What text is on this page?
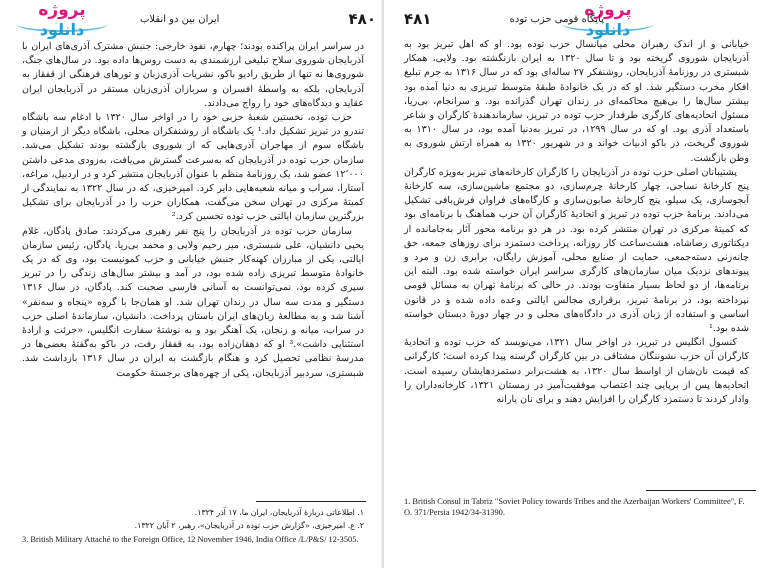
پروژه
دانلود
ایران بین دو انقلاب	۴۸۰

در سراسر ایران پراکنده بودند؛ چهارم، نفوذ خارجی: جنبش مشترک آذری‌های ایران با آذربایجان شوروی سلاح تبلیغی ارزشمندی به دست روس‌ها داده بود. در سال‌های جنگ، شوروی‌ها نه تنها از طریق رادیو باکو، نشریات آذری‌زبان و تورهای فرهنگی از قفقاز به آذربایجان، بلکه به واسطهٔ افسران و سربازان آذری‌زبان مستقر در آذربایجان ایران عقاید و دیدگاه‌های خود را رواج می‌دادند.

حزب توده، نخستین شعبهٔ حزبی خود را در اواخر سال ۱۳۲۰ با ادغام سه باشگاه تندرو در تبریز تشکیل داد.¹ یک باشگاه از روشنفکران محلی، باشگاه دیگر از ارمنیان و باشگاه سوم از مهاجران آذری‌هایی که از شوروی بازگشته بودند تشکیل می‌شد. سازمان حزب توده در آذربایجان که به‌سرعت گسترش می‌یافت، به‌زودی مدعی داشتن ۱۲٬۰۰۰ عضو شد، یک روزنامهٔ منظم با عنوان آذربایجان منتشر کرد و در اردبیل، مراغه، آستارا، سراب و میانه شعبه‌هایی دایر کرد. امیرخیزی، که در سال ۱۳۲۲ به نمایندگی از کمیتهٔ مرکزی در تهران سخن می‌گفت، همکاران حزب را در آذربایجان برای تشکیل بزرگترین سازمان ایالتی حزب توده تحسین کرد.²

سازمان حزب توده در آذربایجان را پنج نفر رهبری می‌کردند: صادق پادگان، غلام یحیی دانشیان، علی شبستری، میر رحیم ولایی و محمد بی‌ریا. پادگان، رئیس سازمان ایالتی، یکی از مبارزان کهنه‌کار جنبش خیابانی و حزب کمونیست بود، وی که در یک خانوادهٔ متوسط تبریزی زاده شده بود، در آمد و بیشتر سال‌های زندگی را در تبریز سپری کرده بود، نمی‌توانست به آسانی فارسی صحبت کند. پادگان، در سال ۱۳۱۶ دستگیر و مدت سه سال در زندان تهران شد. او همان‌جا با گروه «پنجاه و سه‌نفر» آشنا شد و به مطالعهٔ زبان‌های ایران باستان پرداخت. دانشیان، سازماندهٔ اصلی حزب در سراب، میانه و زنجان، یک آهنگر بود و به نوشتهٔ سفارت انگلیس، «جرئت و ارادهٔ استثنایی داشت».³ او که دهقان‌زاده بود، به قفقاز رفت، در باکو به‌گفتهٔ بعضی‌ها در مدرسهٔ نظامی تحصیل کرد و هنگام بازگشت به ایران در سال ۱۳۱۶ بازداشت شد. شبستری، سردبیر آذربایجان، یکی از چهره‌های برجستهٔ حکومت

۱. اطلاعاتی دربارهٔ آذربایجان، ایران ما، ۱۷ آذر ۱۳۲۴.
۲. ع. امیرخیزی، «گزارش حزب توده در آذربایجان»، رهبر، ۲ آبان ۱۳۲۲.
3. British Military Attaché to the Foreign Office, 12 November 1946, India Office /L/P&S/ 12-3505.
پروژه
دانلود
۴۸۱	پایگاه قومی حزب توده

خیابانی و از اندک رهبران محلی میانسال حزب توده بود. او که اهل تبریز بود به آذربایجان شوروی گریخته بود و تا سال ۱۳۲۰ به ایران بازنگشته بود. ولایی، همکار شبستری در روزنامهٔ آذربایجان، روشنفکر ۲۷ ساله‌ای بود که در سال ۱۳۱۶ به جرم تبلیغ افکار مخرب دستگیر شد. او که در یک خانوادهٔ طبقهٔ متوسط تبریزی به دنیا آمده بود بیشتر سال‌ها را بی‌هیچ محاکمه‌ای در زندان تهران گذرانده بود. و سرانجام، بی‌ریا، مسئول اتحادیه‌های کارگری طرفدار حزب توده در تبریز، سازماندهندهٔ کارگران و شاعر باستعداد آذری بود. او که در سال ۱۲۹۹، در تبریز به‌دنیا آمده بود، در سال ۱۳۱۰ به شوروی گریخت، در باکو ادبیات خواند و در شهریور ۱۳۲۰ به همراه ارتش شوروی به وطن بازگشت.

پشتیبانان اصلی حزب توده در آذربایجان را کارگران کارخانه‌های تبریز به‌ویژه کارگران پنج کارخانهٔ نساجی، چهار کارخانهٔ چرم‌سازی، دو مجتمع ماشین‌سازی، سه کارخانهٔ آبجوسازی، یک سیلو، پنج کارخانهٔ صابون‌سازی و کارگاه‌های فراوان فرش‌بافی تشکیل می‌دادند. برنامهٔ حزب توده در تبریز و اتحادیهٔ کارگران آن حزب هماهنگ با برنامه‌ای بود که کمیتهٔ مرکزی در تهران منتشر کرده بود. در هر دو برنامه محور آثار به‌جامانده از دیکتاتوری رضاشاه، هشت‌ساعت کار روزانه، پرداخت دستمزد برای روزهای جمعه، حق چانه‌زنی دسته‌جمعی، حمایت از صنایع محلی، آموزش رایگان، برابری زن و مرد و پیوندهای نزدیک میان سازمان‌های کارگری سراسر ایران خواسته شده بود. البته این برنامه‌ها، از دو لحاظ بسیار متفاوت بودند. در حالی که برنامهٔ تهران به مسائل قومی نپرداخته بود، در برنامهٔ تبریز، برقراری مجالس ایالتی وعده داده شده و در قانون اساسی و استفاده از زبان آذری در دادگاه‌های محلی و در چهار دورهٔ دبستان خواسته شده بود.¹

کنسول انگلیس در تبریز، در اواخر سال ۱۳۲۱، می‌نویسد که حزب توده و اتحادیهٔ کارگران آن حزب نشوننگان مشتاقی در بین کارگران گرسنه پیدا کرده است؛ کارگرانی که قیمت نان‌شان از اواسط سال ۱۳۲۰، به هشت‌برابر دستمزدهایشان رسیده است. اتحادیه‌ها پس از برپایی چند اعتصاب موفقیت‌آمیز در زمستان ۱۳۲۱، کارخانه‌داران را وادار کردند تا دستمزد کارگران را افزایش دهند و برای نان یارانه

1. British Consul in Tabriz "Soviet Policy towards Tribes and the Azerbaijan Workers' Committee", F. O. 371/Persia 1942/34-31390.
